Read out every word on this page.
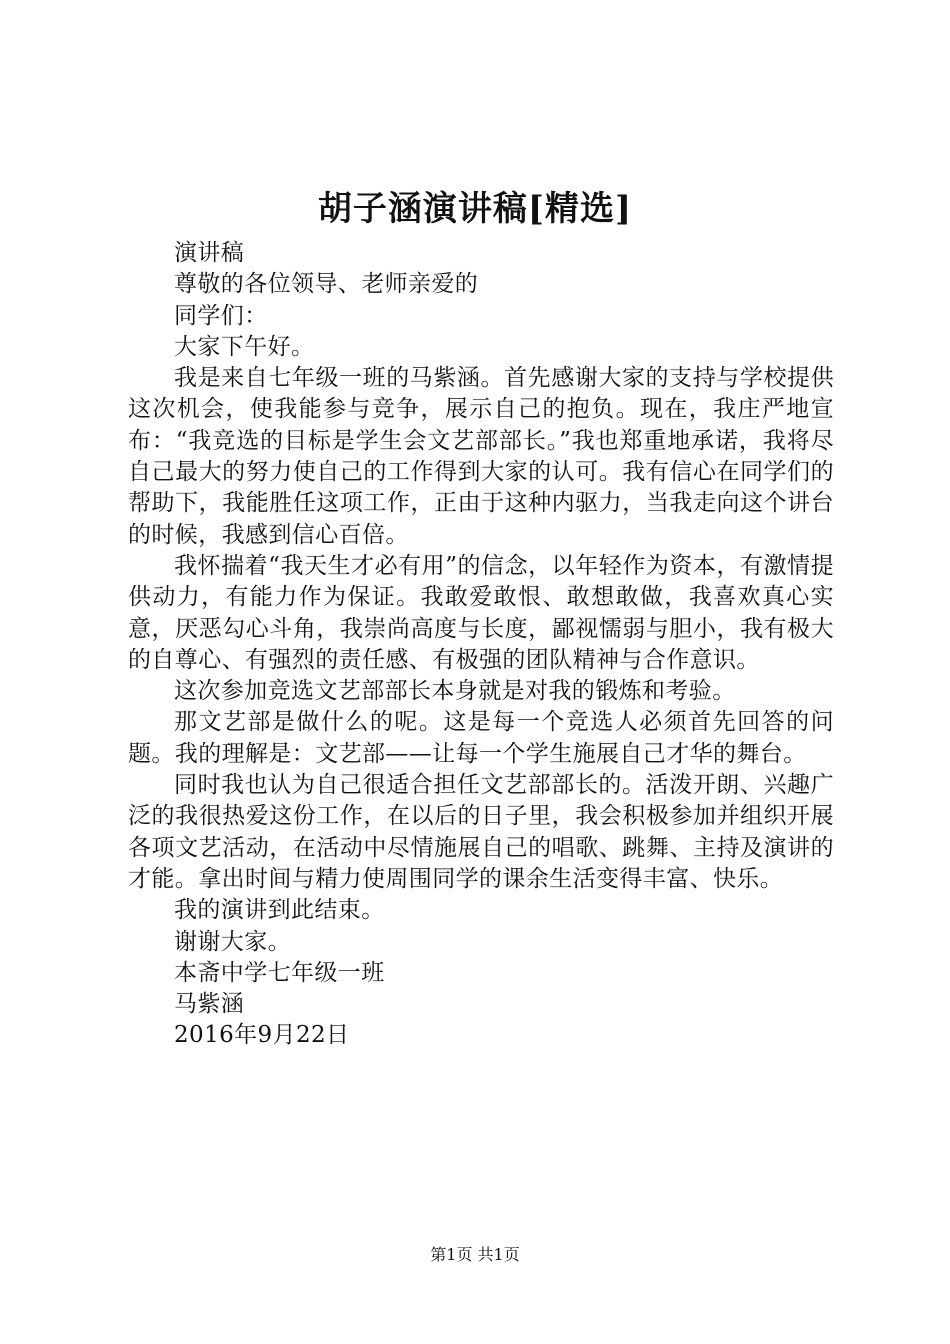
胡子涵演讲稿[精选]

演讲稿

尊敬的各位领导、老师亲爱的

同学们：

大家下午好。

我是来自七年级一班的马紫涵。首先感谢大家的支持与学校提供这次机会，使我能参与竞争，展示自己的抱负。现在，我庄严地宣布：“我竞选的目标是学生会文艺部部长。”我也郑重地承诺，我将尽自己最大的努力使自己的工作得到大家的认可。我有信心在同学们的帮助下，我能胜任这项工作，正由于这种内驱力，当我走向这个讲台的时候，我感到信心百倍。

我怀揣着“我天生才必有用”的信念，以年轻作为资本，有激情提供动力，有能力作为保证。我敢爱敢恨、敢想敢做，我喜欢真心实意，厌恶勾心斗角，我崇尚高度与长度，鄙视懦弱与胆小，我有极大的自尊心、有强烈的责任感、有极强的团队精神与合作意识。

这次参加竞选文艺部部长本身就是对我的锻炼和考验。

那文艺部是做什么的呢。这是每一个竞选人必须首先回答的问题。我的理解是：文艺部——让每一个学生施展自己才华的舞台。

同时我也认为自己很适合担任文艺部部长的。活泼开朗、兴趣广泛的我很热爱这份工作，在以后的日子里，我会积极参加并组织开展各项文艺活动，在活动中尽情施展自己的唱歌、跳舞、主持及演讲的才能。拿出时间与精力使周围同学的课余生活变得丰富、快乐。

我的演讲到此结束。

谢谢大家。

本斋中学七年级一班

马紫涵

2016年9月22日

第1页 共1页
